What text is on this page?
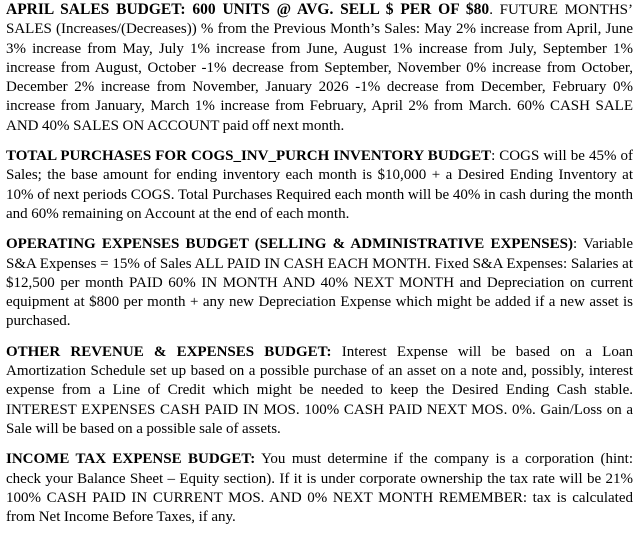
APRIL SALES BUDGET: 600 UNITS @ AVG. SELL $ PER OF $80. FUTURE MONTHS’ SALES (Increases/(Decreases)) % from the Previous Month’s Sales: May 2% increase from April, June 3% increase from May, July 1% increase from June, August 1% increase from July, September 1% increase from August, October -1% decrease from September, November 0% increase from October, December 2% increase from November, January 2026 -1% decrease from December, February 0% increase from January, March 1% increase from February, April 2% from March. 60% CASH SALE AND 40% SALES ON ACCOUNT paid off next month.

TOTAL PURCHASES FOR COGS_INV_PURCH INVENTORY BUDGET: COGS will be 45% of Sales; the base amount for ending inventory each month is $10,000 + a Desired Ending Inventory at 10% of next periods COGS. Total Purchases Required each month will be 40% in cash during the month and 60% remaining on Account at the end of each month.

OPERATING EXPENSES BUDGET (SELLING & ADMINISTRATIVE EXPENSES): Variable S&A Expenses = 15% of Sales ALL PAID IN CASH EACH MONTH. Fixed S&A Expenses: Salaries at $12,500 per month PAID 60% IN MONTH AND 40% NEXT MONTH and Depreciation on current equipment at $800 per month + any new Depreciation Expense which might be added if a new asset is purchased.

OTHER REVENUE & EXPENSES BUDGET: Interest Expense will be based on a Loan Amortization Schedule set up based on a possible purchase of an asset on a note and, possibly, interest expense from a Line of Credit which might be needed to keep the Desired Ending Cash stable. INTEREST EXPENSES CASH PAID IN MOS. 100% CASH PAID NEXT MOS. 0%. Gain/Loss on a Sale will be based on a possible sale of assets.

INCOME TAX EXPENSE BUDGET: You must determine if the company is a corporation (hint: check your Balance Sheet – Equity section). If it is under corporate ownership the tax rate will be 21% 100% CASH PAID IN CURRENT MOS. AND 0% NEXT MONTH REMEMBER: tax is calculated from Net Income Before Taxes, if any.
